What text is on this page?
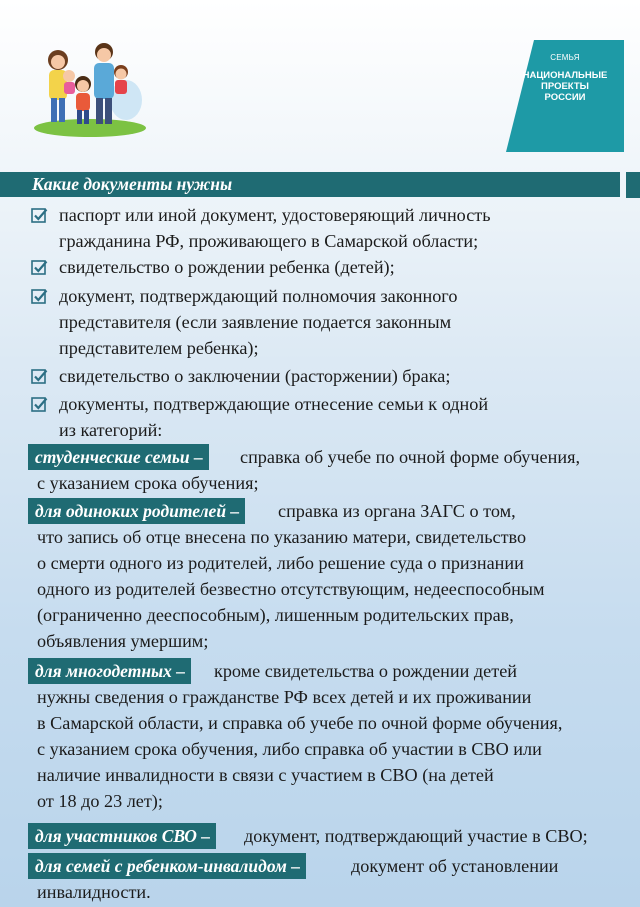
СЕМЬЯ
НАЦИОНАЛЬНЫЕ
ПРОЕКТЫ
РОССИИ
Какие документы нужны
паспорт или иной документ, удостоверяющий личность
гражданина РФ, проживающего в Самарской области;
свидетельство о рождении ребенка (детей);
документ, подтверждающий полномочия законного
представителя (если заявление подается законным
представителем ребенка);
свидетельство о заключении (расторжении) брака;
документы, подтверждающие отнесение семьи к одной
из категорий:
студенческие семьи –	справка об учебе по очной форме обучения,
с указанием срока обучения;
для одиноких родителей –	справка из органа ЗАГС о том,
что запись об отце внесена по указанию матери, свидетельство
о смерти одного из родителей, либо решение суда о признании
одного из родителей безвестно отсутствующим, недееспособным
(ограниченно дееспособным), лишенным родительских прав,
объявления умершим;
для многодетных –	кроме свидетельства о рождении детей
нужны сведения о гражданстве РФ всех детей и их проживании
в Самарской области, и справка об учебе по очной форме обучения,
с указанием срока обучения, либо справка об участии в СВО или
наличие инвалидности в связи с участием в СВО (на детей
от 18 до 23 лет);
для участников СВО –	документ, подтверждающий участие в СВО;
для семей с ребенком-инвалидом –	документ об установлении
инвалидности.
